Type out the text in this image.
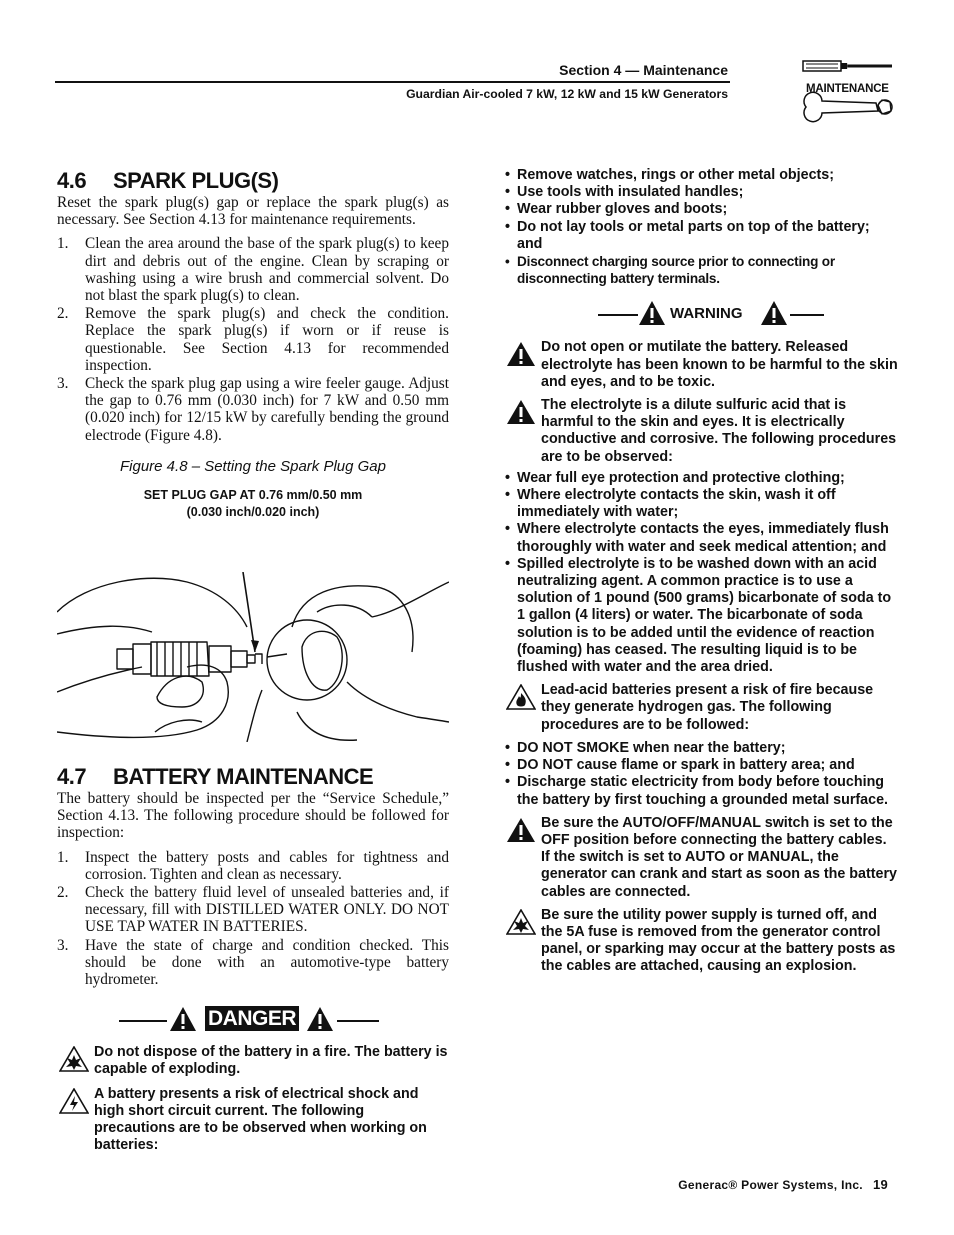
Section 4 — Maintenance
Guardian Air-cooled 7 kW, 12 kW and 15 kW Generators	MAINTENANCE
4.6 SPARK PLUG(S)

Reset the spark plug(s) gap or replace the spark plug(s) as necessary. See Section 4.13 for maintenance requirements.

1. Clean the area around the base of the spark plug(s) to keep dirt and debris out of the engine. Clean by scraping or washing using a wire brush and commercial solvent. Do not blast the spark plug(s) to clean.
2. Remove the spark plug(s) and check the condition. Replace the spark plug(s) if worn or if reuse is questionable. See Section 4.13 for recommended inspection.
3. Check the spark plug gap using a wire feeler gauge. Adjust the gap to 0.76 mm (0.030 inch) for 7 kW and 0.50 mm (0.020 inch) for 12/15 kW by carefully bending the ground electrode (Figure 4.8).
Figure 4.8 – Setting the Spark Plug Gap
SET PLUG GAP AT 0.76 mm/0.50 mm
(0.030 inch/0.020 inch)
4.7 BATTERY MAINTENANCE

The battery should be inspected per the “Service Schedule,” Section 4.13. The following procedure should be followed for inspection:

1. Inspect the battery posts and cables for tightness and corrosion. Tighten and clean as necessary.
2. Check the battery fluid level of unsealed batteries and, if necessary, fill with DISTILLED WATER ONLY. DO NOT USE TAP WATER IN BATTERIES.
3. Have the state of charge and condition checked. This should be done with an automotive-type battery hydrometer.
DANGER
Do not dispose of the battery in a fire. The battery is capable of exploding.
A battery presents a risk of electrical shock and high short circuit current. The following precautions are to be observed when working on batteries:
• Remove watches, rings or other metal objects;
• Use tools with insulated handles;
• Wear rubber gloves and boots;
• Do not lay tools or metal parts on top of the battery; and
• Disconnect charging source prior to connecting or disconnecting battery terminals.
WARNING
Do not open or mutilate the battery. Released electrolyte has been known to be harmful to the skin and eyes, and to be toxic.
The electrolyte is a dilute sulfuric acid that is harmful to the skin and eyes. It is electrically conductive and corrosive. The following procedures are to be observed:
• Wear full eye protection and protective clothing;
• Where electrolyte contacts the skin, wash it off immediately with water;
• Where electrolyte contacts the eyes, immediately flush thoroughly with water and seek medical attention; and
• Spilled electrolyte is to be washed down with an acid neutralizing agent. A common practice is to use a solution of 1 pound (500 grams) bicarbonate of soda to 1 gallon (4 liters) or water. The bicarbonate of soda solution is to be added until the evidence of reaction (foaming) has ceased. The resulting liquid is to be flushed with water and the area dried.
Lead-acid batteries present a risk of fire because they generate hydrogen gas. The following procedures are to be followed:
• DO NOT SMOKE when near the battery;
• DO NOT cause flame or spark in battery area; and
• Discharge static electricity from body before touching the battery by first touching a grounded metal surface.
Be sure the AUTO/OFF/MANUAL switch is set to the OFF position before connecting the battery cables. If the switch is set to AUTO or MANUAL, the generator can crank and start as soon as the battery cables are connected.
Be sure the utility power supply is turned off, and the 5A fuse is removed from the generator control panel, or sparking may occur at the battery posts as the cables are attached, causing an explosion.
Generac® Power Systems, Inc. 19
